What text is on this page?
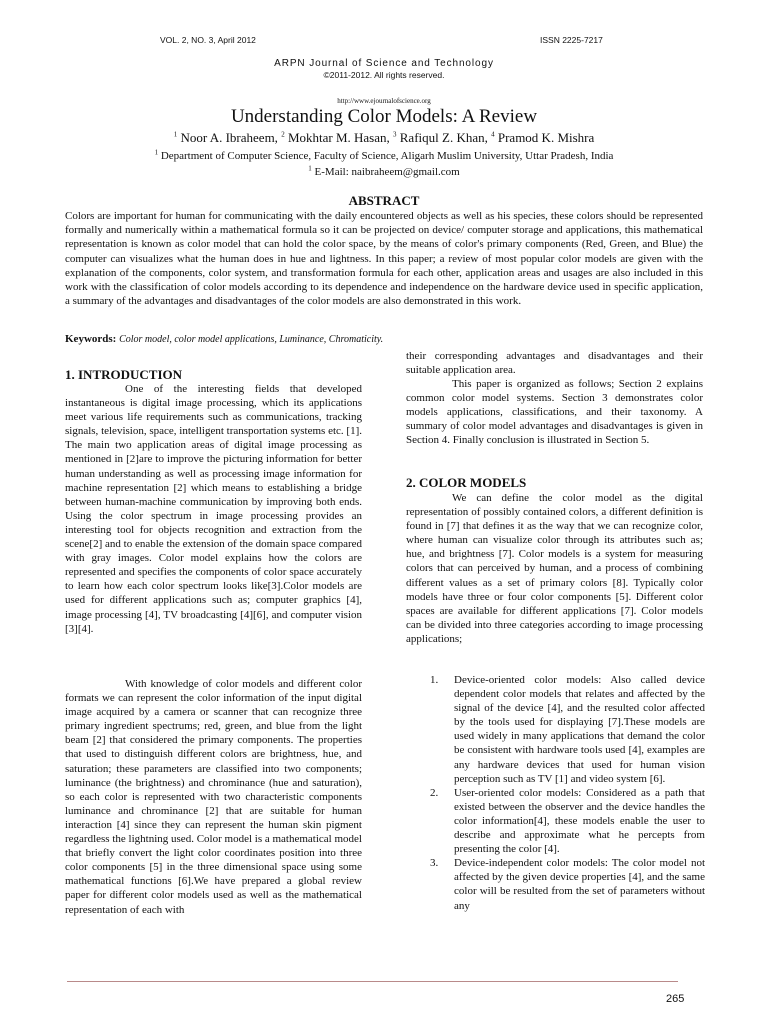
VOL. 2, NO. 3, April 2012	ISSN 2225-7217
ARPN Journal of Science and Technology
©2011-2012. All rights reserved.
http://www.ejournalofscience.org
Understanding Color Models: A Review
$^1$ Noor A. Ibraheem, $^2$ Mokhtar M. Hasan, $^3$ Rafiqul Z. Khan, $^4$ Pramod K. Mishra
$^1$ Department of Computer Science, Faculty of Science, Aligarh Muslim University, Uttar Pradesh, India
$^1$ E-Mail: naibraheem@gmail.com
ABSTRACT
Colors are important for human for communicating with the daily encountered objects as well as his species, these colors should be represented formally and numerically within a mathematical formula so it can be projected on device/ computer storage and applications, this mathematical representation is known as color model that can hold the color space, by the means of color's primary components (Red, Green, and Blue) the computer can visualizes what the human does in hue and lightness. In this paper; a review of most popular color models are given with the explanation of the components, color system, and transformation formula for each other, application areas and usages are also included in this work with the classification of color models according to its dependence and independence on the hardware device used in specific application, a summary of the advantages and disadvantages of the color models are also demonstrated in this work.
Keywords: Color model, color model applications, Luminance, Chromaticity.
1. INTRODUCTION
One of the interesting fields that developed instantaneous is digital image processing, which its applications meet various life requirements such as communications, tracking signals, television, space, intelligent transportation systems etc. [1]. The main two application areas of digital image processing as mentioned in [2]are to improve the picturing information for better human understanding as well as processing image information for machine representation [2] which means to establishing a bridge between human-machine communication by improving both ends. Using the color spectrum in image processing provides an interesting tool for objects recognition and extraction from the scene[2] and to enable the extension of the domain space compared with gray images. Color model explains how the colors are represented and specifies the components of color space accurately to learn how each color spectrum looks like[3].Color models are used for different applications such as; computer graphics [4], image processing [4], TV broadcasting [4][6], and computer vision [3][4].
With knowledge of color models and different color formats we can represent the color information of the input digital image acquired by a camera or scanner that can recognize three primary ingredient spectrums; red, green, and blue from the light beam [2] that considered the primary components. The properties that used to distinguish different colors are brightness, hue, and saturation; these parameters are classified into two components; luminance (the brightness) and chrominance (hue and saturation), so each color is represented with two characteristic components luminance and chrominance [2] that are suitable for human interaction [4] since they can represent the human skin pigment regardless the lightning used. Color model is a mathematical model that briefly convert the light color coordinates position into three color components [5] in the three dimensional space using some mathematical functions [6].We have prepared a global review paper for different color models used as well as the mathematical representation of each with
their corresponding advantages and disadvantages and their suitable application area.
This paper is organized as follows; Section 2 explains common color model systems. Section 3 demonstrates color models applications, classifications, and their taxonomy. A summary of color model advantages and disadvantages is given in Section 4. Finally conclusion is illustrated in Section 5.
2. COLOR MODELS
We can define the color model as the digital representation of possibly contained colors, a different definition is found in [7] that defines it as the way that we can recognize color, where human can visualize color through its attributes such as; hue, and brightness [7]. Color models is a system for measuring colors that can perceived by human, and a process of combining different values as a set of primary colors [8]. Typically color models have three or four color components [5]. Different color spaces are available for different applications [7]. Color models can be divided into three categories according to image processing applications;
1. Device-oriented color models: Also called device dependent color models that relates and affected by the signal of the device [4], and the resulted color affected by the tools used for displaying [7].These models are used widely in many applications that demand the color be consistent with hardware tools used [4], examples are any hardware devices that used for human vision perception such as TV [1] and video system [6].
2. User-oriented color models: Considered as a path that existed between the observer and the device handles the color information[4], these models enable the user to describe and approximate what he percepts from presenting the color [4].
3. Device-independent color models: The color model not affected by the given device properties [4], and the same color will be resulted from the set of parameters without any
265
